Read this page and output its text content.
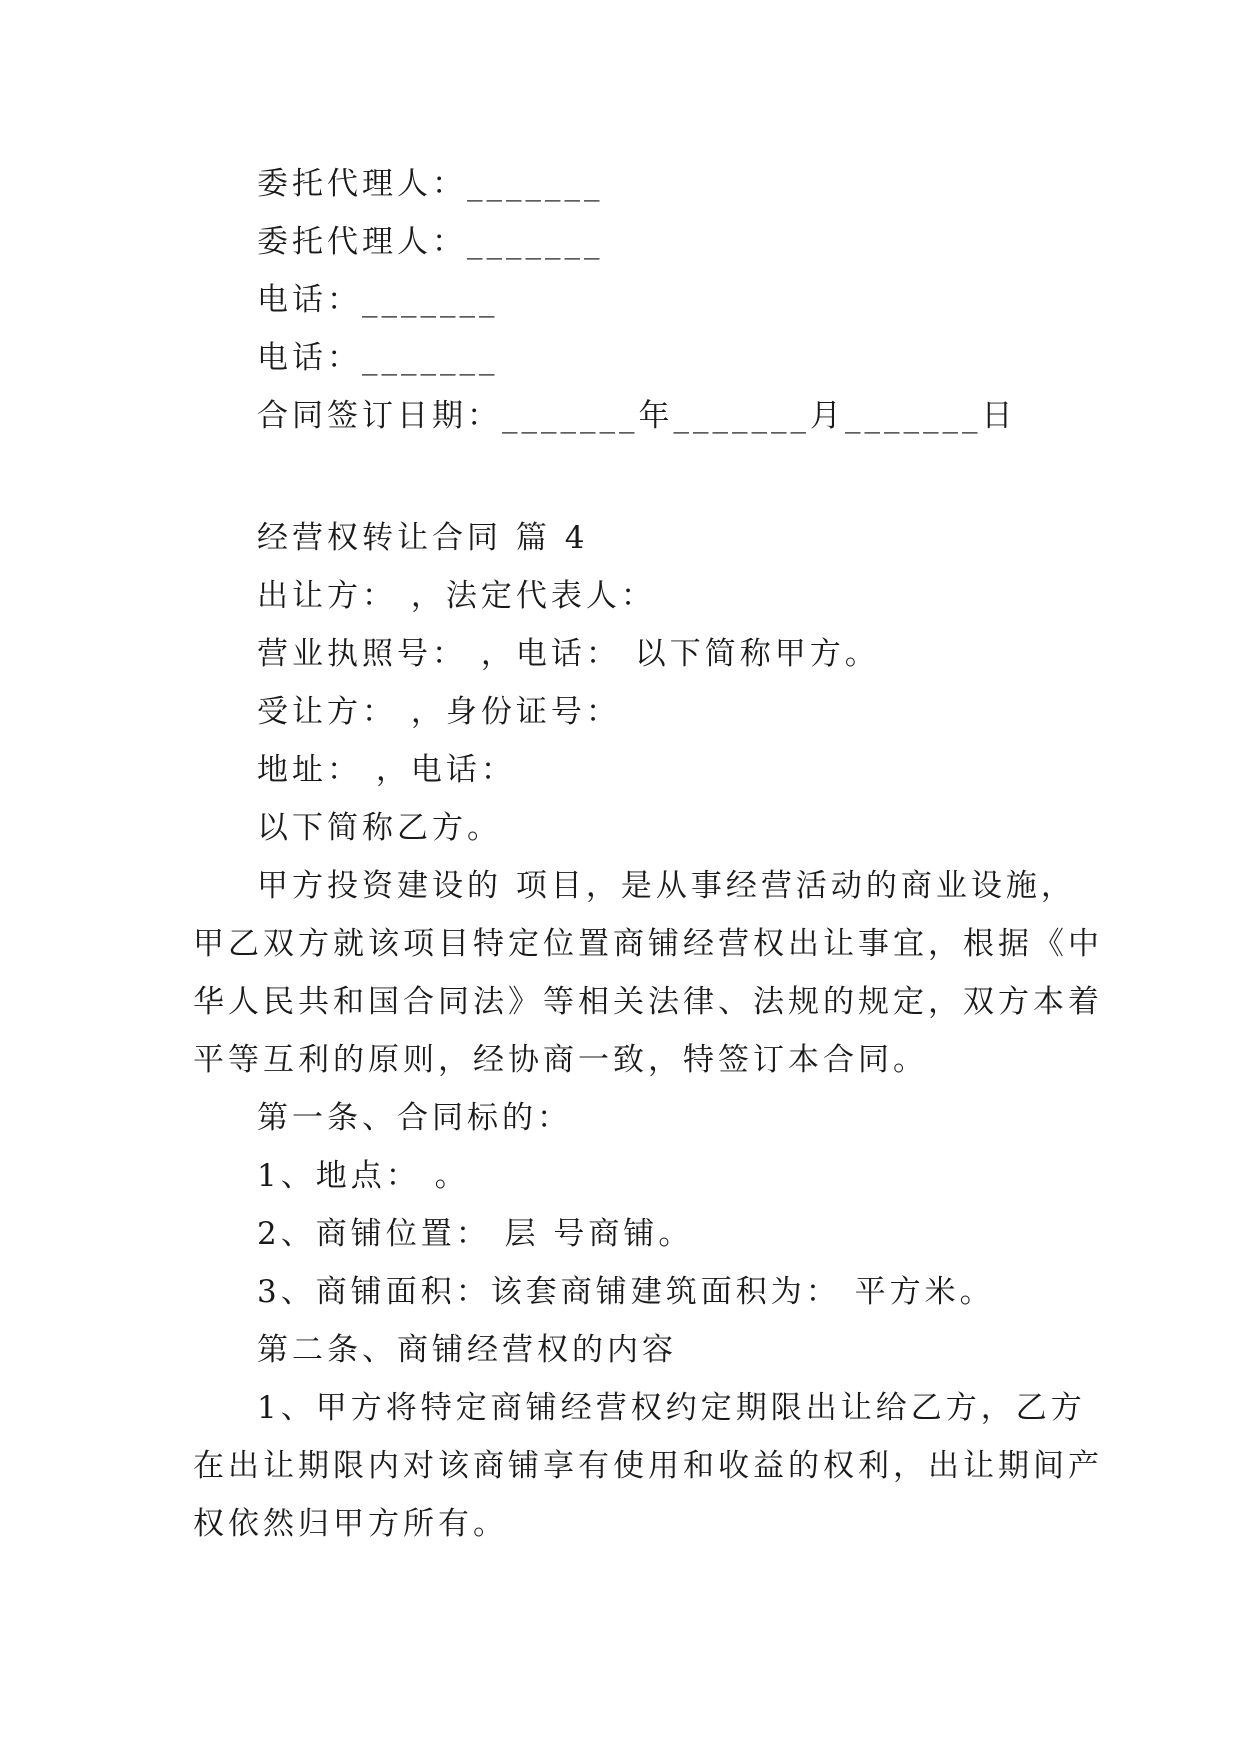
委托代理人：_______
委托代理人：_______
电话：_______
电话：_______
合同签订日期：_______年_______月_______日
经营权转让合同 篇 4
出让方： ，法定代表人：
营业执照号： ，电话： 以下简称甲方。
受让方： ，身份证号：
地址： ，电话：
以下简称乙方。
甲方投资建设的 项目，是从事经营活动的商业设施，
甲乙双方就该项目特定位置商铺经营权出让事宜，根据《中
华人民共和国合同法》等相关法律、法规的规定，双方本着
平等互利的原则，经协商一致，特签订本合同。
第一条、合同标的：
1、地点： 。
2、商铺位置： 层 号商铺。
3、商铺面积：该套商铺建筑面积为： 平方米。
第二条、商铺经营权的内容
1、甲方将特定商铺经营权约定期限出让给乙方，乙方
在出让期限内对该商铺享有使用和收益的权利，出让期间产
权依然归甲方所有。
